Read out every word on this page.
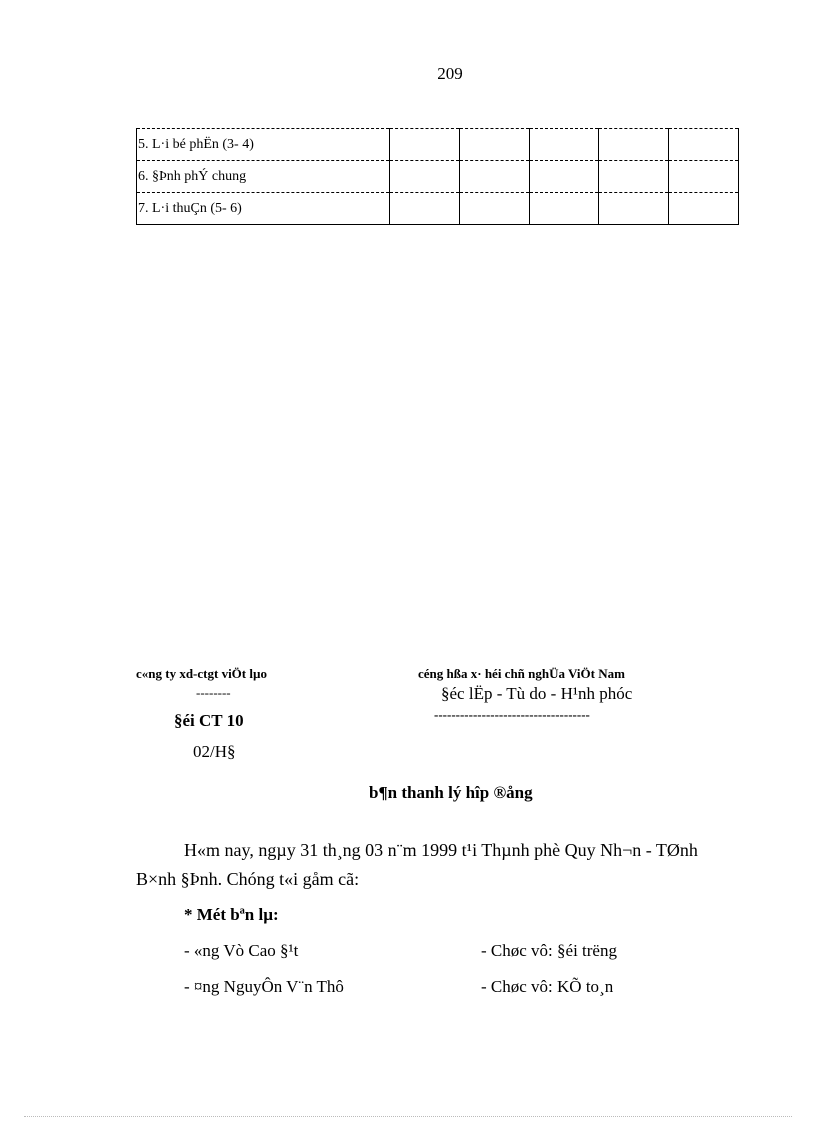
209
5. L·i bé phËn (3- 4)					
6. §Þnh phÝ chung					
7. L·i thuÇn (5- 6)					
c«ng ty xd-ctgt viÖt lµo
--------
§éi CT 10
02/H§
céng hßa x· héi chñ nghÜa ViÖt Nam
§éc lËp - Tù do - H¹nh phóc
------------------------------------
b¶n thanh lý hîp ®ång
H«m nay, ngµy 31 th¸ng 03 n¨m 1999 t¹i Thµnh phè Quy Nh¬n - TØnh
B×nh §Þnh. Chóng t«i gåm cã:
* Mét bªn lµ:
- «ng Vò Cao §¹t	- Chøc vô: §éi trëng
- ¤ng NguyÔn V¨n Thô	- Chøc vô: KÕ to¸n
